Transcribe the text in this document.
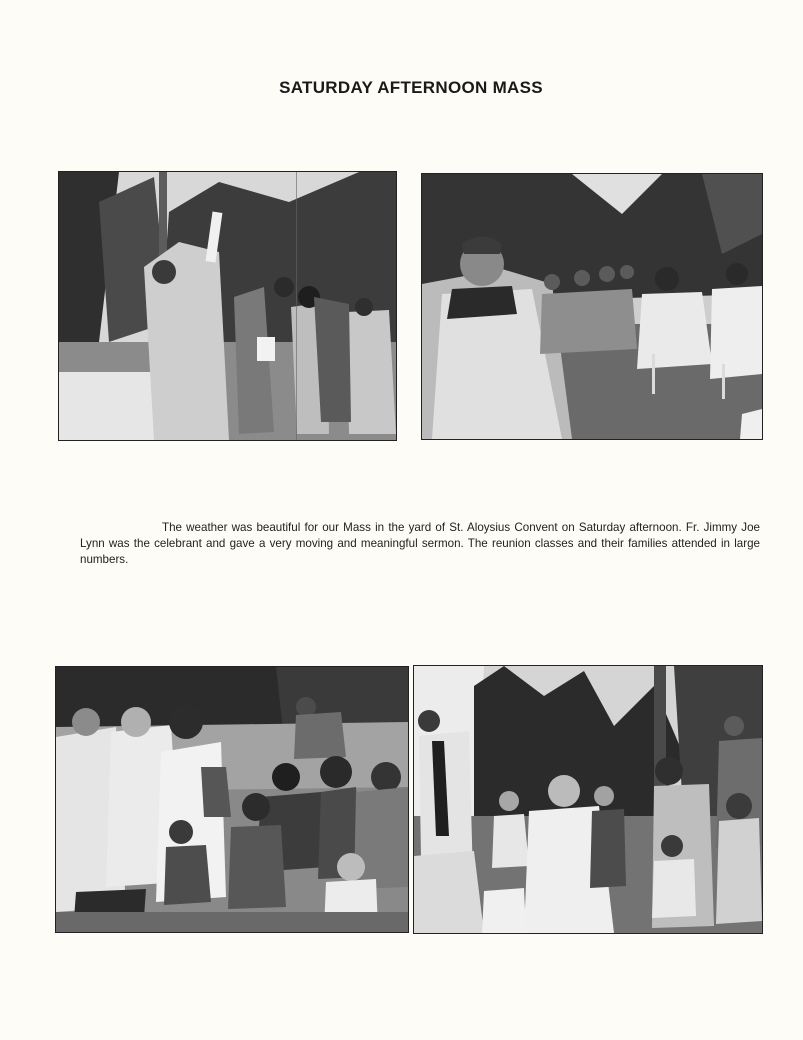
SATURDAY AFTERNOON MASS
The weather was beautiful for our Mass in the yard of St. Aloysius Convent on Saturday afternoon. Fr. Jimmy Joe Lynn was the celebrant and gave a very moving and meaningful sermon. The reunion classes and their families attended in large numbers.
